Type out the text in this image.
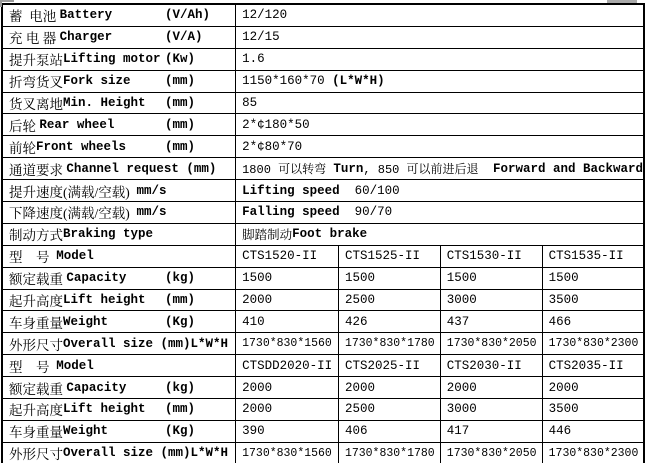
蓄  电池 Battery (V/Ah)	12/120			

充 电 器 Charger (V/A)	12/15			

提升泵站 Lifting motor (Kw)	1.6			

折弯货叉 Fork size (mm)	1150*160*70 (L*W*H)			

货叉离地 Min. Height (mm)	85			

后轮 Rear wheel (mm)	2*¢180*50			

前轮 Front wheels (mm)	2*¢80*70			

通道要求 Channel request (mm)	1800 可以转弯 Turn , 850 可以前进后退 Forward and Backward			

提升速度(满载/空载) mm/s	Lifting speed 60/100			

下降速度(满载/空载) mm/s	Falling speed 90/70			

制动方式 Braking type	脚踏制动 Foot brake			

型    号 Model	CTS1520-II	CTS1525-II	CTS1530-II	CTS1535-II

额定载重 Capacity (kg)	1500	1500	1500	1500

起升高度 Lift height (mm)	2000	2500	3000	3500

车身重量 Weight (Kg)	410	426	437	466

外形尺寸 Overall size (mm)L*W*H	1730*830*1560	1730*830*1780	1730*830*2050	1730*830*2300

型    号 Model	CTSDD2020-II	CTS2025-II	CTS2030-II	CTS2035-II

额定载重 Capacity (kg)	2000	2000	2000	2000

起升高度 Lift height (mm)	2000	2500	3000	3500

车身重量 Weight (Kg)	390	406	417	446

外形尺寸 Overall size (mm)L*W*H	1730*830*1560	1730*830*1780	1730*830*2050	1730*830*2300
